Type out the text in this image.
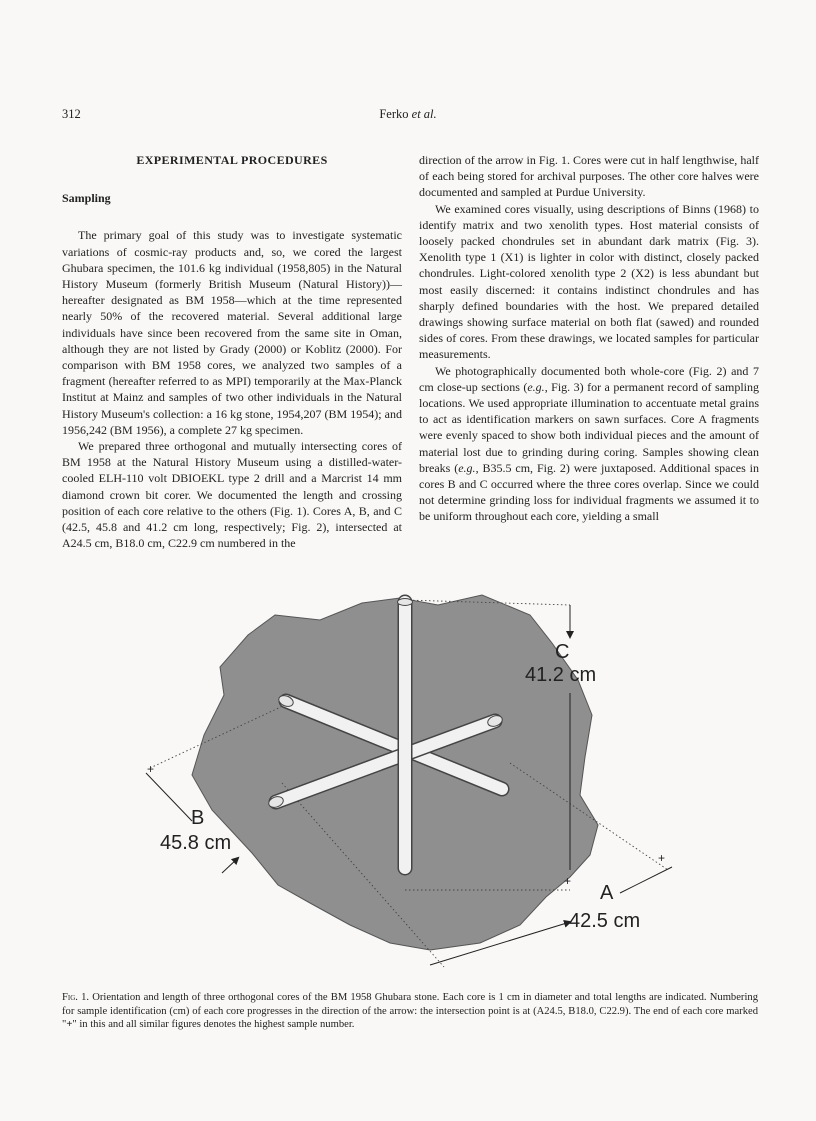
312	Ferko et al.
EXPERIMENTAL PROCEDURES
Sampling

The primary goal of this study was to investigate systematic variations of cosmic-ray products and, so, we cored the largest Ghubara specimen, the 101.6 kg individual (1958,805) in the Natural History Museum (formerly British Museum (Natural History))—hereafter designated as BM 1958—which at the time represented nearly 50% of the recovered material. Several additional large individuals have since been recovered from the same site in Oman, although they are not listed by Grady (2000) or Koblitz (2000). For comparison with BM 1958 cores, we analyzed two samples of a fragment (hereafter referred to as MPI) temporarily at the Max-Planck Institut at Mainz and samples of two other individuals in the Natural History Museum's collection: a 16 kg stone, 1954,207 (BM 1954); and 1956,242 (BM 1956), a complete 27 kg specimen.

We prepared three orthogonal and mutually intersecting cores of BM 1958 at the Natural History Museum using a distilled-water-cooled ELH-110 volt DBIOEKL type 2 drill and a Marcrist 14 mm diamond crown bit corer. We documented the length and crossing position of each core relative to the others (Fig. 1). Cores A, B, and C (42.5, 45.8 and 41.2 cm long, respectively; Fig. 2), intersected at A24.5 cm, B18.0 cm, C22.9 cm numbered in the

direction of the arrow in Fig. 1. Cores were cut in half lengthwise, half of each being stored for archival purposes. The other core halves were documented and sampled at Purdue University.

We examined cores visually, using descriptions of Binns (1968) to identify matrix and two xenolith types. Host material consists of loosely packed chondrules set in abundant dark matrix (Fig. 3). Xenolith type 1 (X1) is lighter in color with distinct, closely packed chondrules. Light-colored xenolith type 2 (X2) is less abundant but most easily discerned: it contains indistinct chondrules and has sharply defined boundaries with the host. We prepared detailed drawings showing surface material on both flat (sawed) and rounded sides of cores. From these drawings, we located samples for particular measurements.

We photographically documented both whole-core (Fig. 2) and 7 cm close-up sections (e.g., Fig. 3) for a permanent record of sampling locations. We used appropriate illumination to accentuate metal grains to act as identification markers on sawn surfaces. Core A fragments were evenly spaced to show both individual pieces and the amount of material lost due to grinding during coring. Samples showing clean breaks (e.g., B35.5 cm, Fig. 2) were juxtaposed. Additional spaces in cores B and C occurred where the three cores overlap. Since we could not determine grinding loss for individual fragments we assumed it to be uniform throughout each core, yielding a small

+
C
41.2 cm
+
B
45.8 cm
+
A
42.5 cm
Fig. 1. Orientation and length of three orthogonal cores of the BM 1958 Ghubara stone. Each core is 1 cm in diameter and total lengths are indicated. Numbering for sample identification (cm) of each core progresses in the direction of the arrow: the intersection point is at (A24.5, B18.0, C22.9). The end of each core marked "+" in this and all similar figures denotes the highest sample number.
